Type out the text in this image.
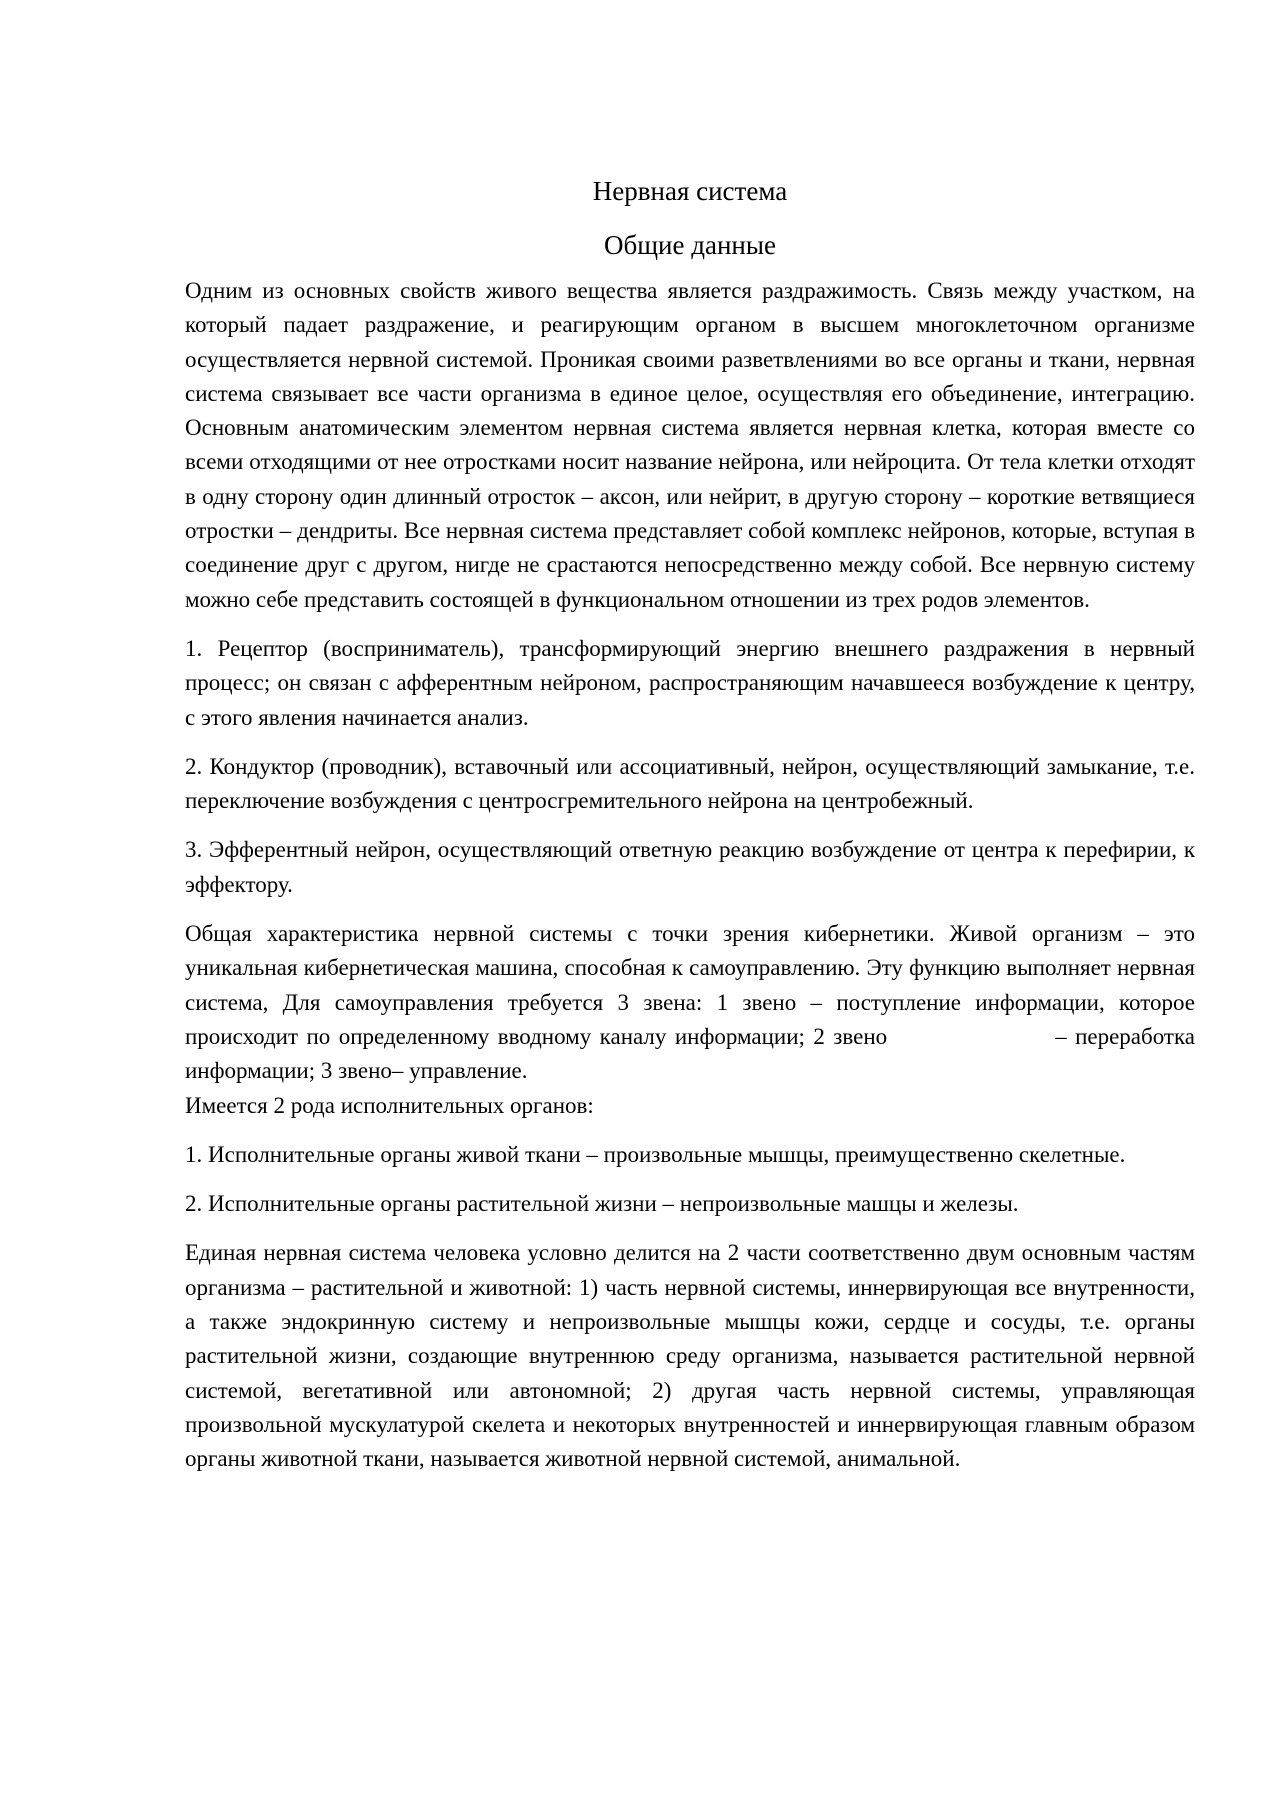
Нервная система
Общие данные

Одним из основных свойств живого вещества является раздражимость. Связь между участком, на который падает раздражение, и реагирующим органом в высшем многоклеточном организме осуществляется нервной системой. Проникая своими разветвлениями во все органы и ткани, нервная система связывает все части организма в единое целое, осуществляя его объединение, интеграцию. Основным анатомическим элементом нервная система является нервная клетка, которая вместе со всеми отходящими от нее отростками носит название нейрона, или нейроцита. От тела клетки отходят в одну сторону один длинный отросток – аксон, или нейрит, в другую сторону – короткие ветвящиеся отростки – дендриты. Все нервная система представляет собой комплекс нейронов, которые, вступая в соединение друг с другом, нигде не срастаются непосредственно между собой. Все нервную систему можно себе представить состоящей в функциональном отношении из трех родов элементов.

1. Рецептор (восприниматель), трансформирующий энергию внешнего раздражения в нервный процесс; он связан с афферентным нейроном, распространяющим начавшееся возбуждение к центру, с этого явления начинается анализ.

2. Кондуктор (проводник), вставочный или ассоциативный, нейрон, осуществляющий замыкание, т.е. переключение возбуждения с центросгремительного нейрона на центробежный.

3. Эфферентный нейрон, осуществляющий ответную реакцию возбуждение от центра к перефирии, к эффектору.

Общая характеристика нервной системы с точки зрения кибернетики. Живой организм – это уникальная кибернетическая машина, способная к самоуправлению. Эту функцию выполняет нервная система, Для самоуправления требуется 3 звена: 1 звено – поступление информации, которое происходит по определенному вводному каналу информации; 2 звено	– переработка информации; 3 звено– управление.

Имеется 2 рода исполнительных органов:

1. Исполнительные органы живой ткани – произвольные мышцы, преимущественно скелетные.

2. Исполнительные органы растительной жизни – непроизвольные машцы и железы.

Единая нервная система человека условно делится на 2 части соответственно двум основным частям организма – растительной и животной: 1) часть нервной системы, иннервирующая все внутренности, а также эндокринную систему и непроизвольные мышцы кожи, сердце и сосуды, т.е. органы растительной жизни, создающие внутреннюю среду организма, называется растительной нервной системой, вегетативной или автономной; 2) другая часть нервной системы, управляющая произвольной мускулатурой скелета и некоторых внутренностей и иннервирующая главным образом органы животной ткани, называется животной нервной системой, анимальной.
